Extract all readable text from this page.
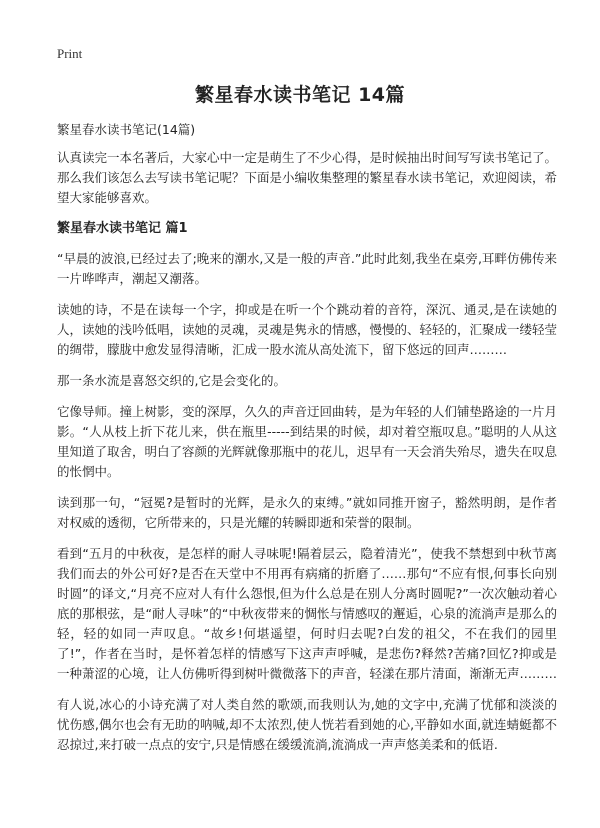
Print
繁星春水读书笔记 14篇

繁星春水读书笔记(14篇)

认真读完一本名著后，大家心中一定是萌生了不少心得，是时候抽出时间写写读书笔记了。那么我们该怎么去写读书笔记呢？下面是小编收集整理的繁星春水读书笔记，欢迎阅读，希望大家能够喜欢。

繁星春水读书笔记 篇1

“早晨的波浪,已经过去了;晚来的潮水,又是一般的声音.”此时此刻,我坐在桌旁,耳畔仿佛传来一片哗哗声，潮起又潮落。

读她的诗，不是在读每一个字，抑或是在听一个个跳动着的音符，深沉、通灵,是在读她的人，读她的浅吟低唱，读她的灵魂，灵魂是隽永的情感，慢慢的、轻轻的，汇聚成一缕轻莹的绸带，朦胧中愈发显得清晰，汇成一股水流从高处流下，留下悠远的回声………

那一条水流是喜怒交织的,它是会变化的。

它像导师。撞上树影，变的深厚，久久的声音迂回曲转，是为年轻的人们铺垫路途的一片月影。“人从枝上折下花儿来，供在瓶里-----到结果的时候，却对着空瓶叹息。”聪明的人从这里知道了取舍，明白了容颜的光辉就像那瓶中的花儿，迟早有一天会消失殆尽，遗失在叹息的怅惘中。

读到那一句，“冠冕?是暂时的光辉，是永久的束缚。”就如同推开窗子，豁然明朗，是作者对权威的透彻，它所带来的，只是光耀的转瞬即逝和荣誉的限制。

看到“五月的中秋夜，是怎样的耐人寻味呢!隔着层云，隐着清光”，使我不禁想到中秋节离我们而去的外公可好?是否在天堂中不用再有病痛的折磨了……那句“不应有恨,何事长向别时圆”的译文,“月亮不应对人有什么怨恨,但为什么总是在别人分离时圆呢?”一次次触动着心底的那根弦，是“耐人寻味”的“中秋夜带来的惆怅与情感叹的邂逅，心泉的流淌声是那么的轻，轻的如同一声叹息。“故乡!何堪遥望，何时归去呢?白发的祖父，不在我们的园里了!”，作者在当时，是怀着怎样的情感写下这声声呼喊，是悲伤?释然?苦痛?回忆?抑或是一种萧涩的心境，让人仿佛听得到树叶微微落下的声音，轻漾在那片清面，渐渐无声………

有人说,冰心的小诗充满了对人类自然的歌颂,而我则认为,她的文字中,充满了忧郁和淡淡的忧伤感,偶尔也会有无助的呐喊,却不太浓烈,使人恍若看到她的心,平静如水面,就连蜻蜓都不忍掠过,来打破一点点的安宁,只是情感在缓缓流淌,流淌成一声声悠美柔和的低语.
